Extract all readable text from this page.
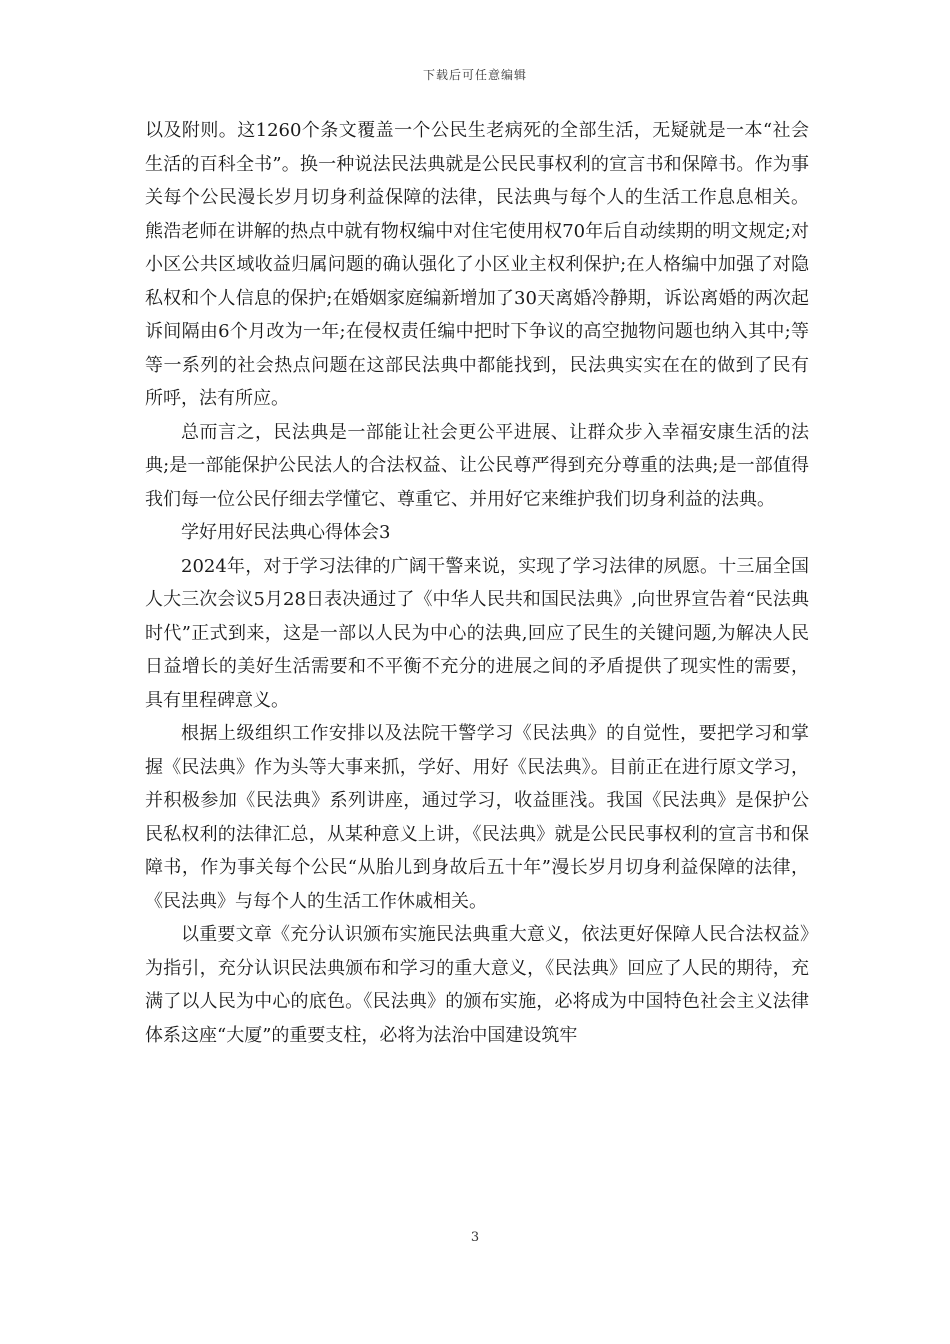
下载后可任意编辑

以及附则。这1260个条文覆盖一个公民生老病死的全部生活，无疑就是一本“社会生活的百科全书”。换一种说法民法典就是公民民事权利的宣言书和保障书。作为事关每个公民漫长岁月切身利益保障的法律，民法典与每个人的生活工作息息相关。熊浩老师在讲解的热点中就有物权编中对住宅使用权70年后自动续期的明文规定;对小区公共区域收益归属问题的确认强化了小区业主权利保护;在人格编中加强了对隐私权和个人信息的保护;在婚姻家庭编新增加了30天离婚冷静期，诉讼离婚的两次起诉间隔由6个月改为一年;在侵权责任编中把时下争议的高空抛物问题也纳入其中;等等一系列的社会热点问题在这部民法典中都能找到，民法典实实在在的做到了民有所呼，法有所应。

总而言之，民法典是一部能让社会更公平进展、让群众步入幸福安康生活的法典;是一部能保护公民法人的合法权益、让公民尊严得到充分尊重的法典;是一部值得我们每一位公民仔细去学懂它、尊重它、并用好它来维护我们切身利益的法典。

学好用好民法典心得体会3

2024年，对于学习法律的广阔干警来说，实现了学习法律的夙愿。十三届全国人大三次会议5月28日表决通过了《中华人民共和国民法典》,向世界宣告着“民法典时代”正式到来，这是一部以人民为中心的法典,回应了民生的关键问题,为解决人民日益增长的美好生活需要和不平衡不充分的进展之间的矛盾提供了现实性的需要，具有里程碑意义。

根据上级组织工作安排以及法院干警学习《民法典》的自觉性，要把学习和掌握《民法典》作为头等大事来抓，学好、用好《民法典》。目前正在进行原文学习，并积极参加《民法典》系列讲座，通过学习，收益匪浅。我国《民法典》是保护公民私权利的法律汇总，从某种意义上讲，《民法典》就是公民民事权利的宣言书和保障书，作为事关每个公民“从胎儿到身故后五十年”漫长岁月切身利益保障的法律，《民法典》与每个人的生活工作休戚相关。

以重要文章《充分认识颁布实施民法典重大意义，依法更好保障人民合法权益》为指引，充分认识民法典颁布和学习的重大意义，《民法典》回应了人民的期待，充满了以人民为中心的底色。《民法典》的颁布实施，必将成为中国特色社会主义法律体系这座“大厦”的重要支柱，必将为法治中国建设筑牢

3
